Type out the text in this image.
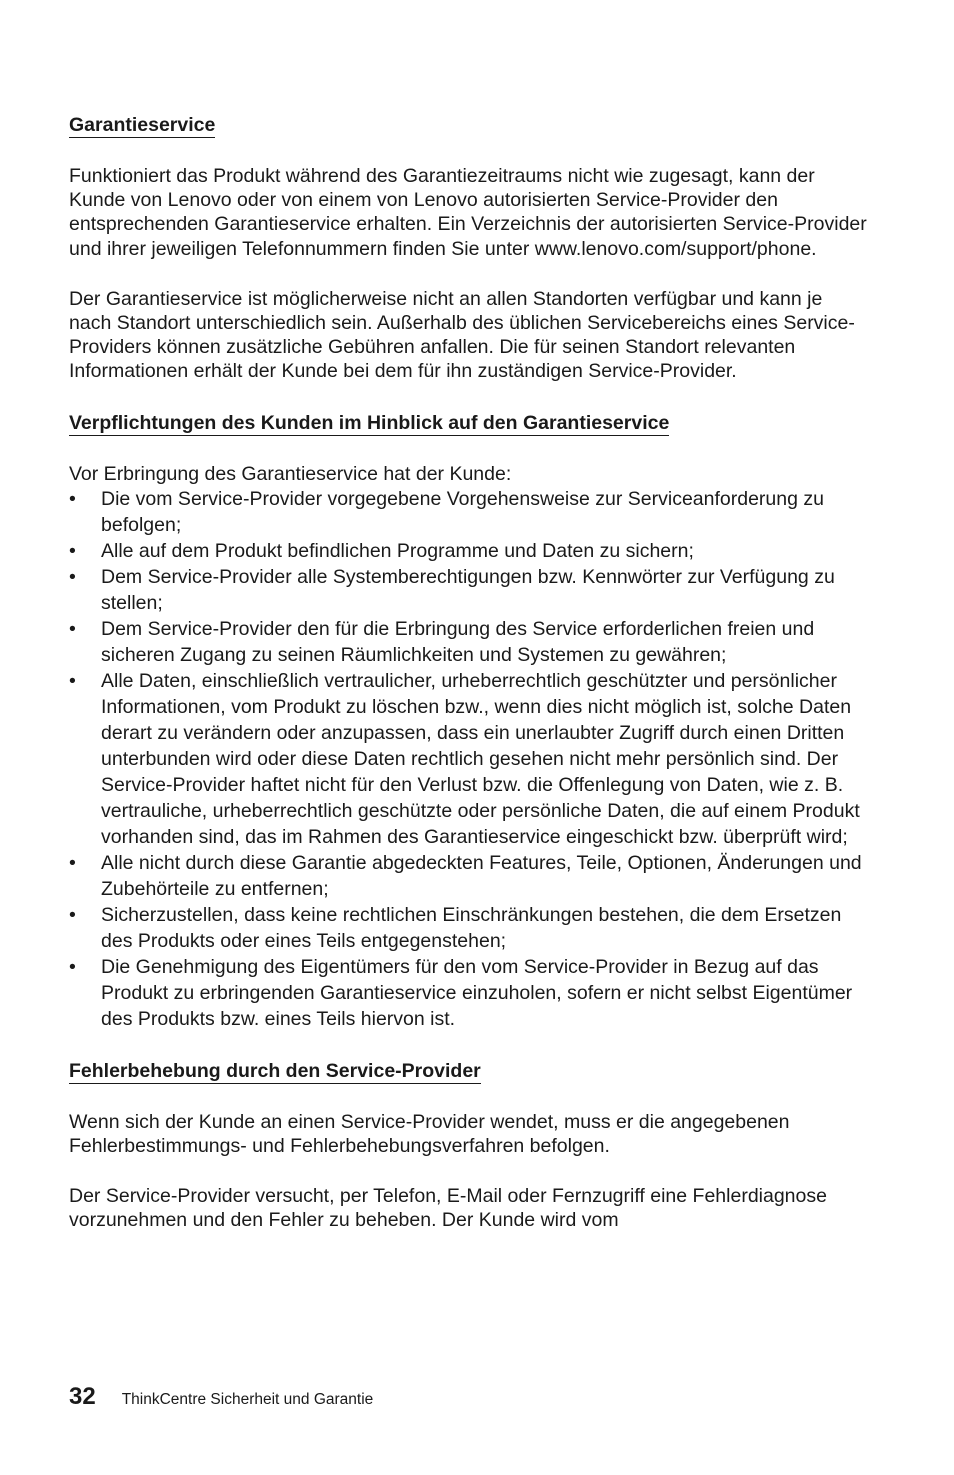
Garantieservice

Funktioniert das Produkt während des Garantiezeitraums nicht wie zugesagt, kann der Kunde von Lenovo oder von einem von Lenovo autorisierten Service-Provider den entsprechenden Garantieservice erhalten. Ein Verzeichnis der autorisierten Service-Provider und ihrer jeweiligen Telefonnummern finden Sie unter www.lenovo.com/support/phone.

Der Garantieservice ist möglicherweise nicht an allen Standorten verfügbar und kann je nach Standort unterschiedlich sein. Außerhalb des üblichen Servicebereichs eines Service-Providers können zusätzliche Gebühren anfallen. Die für seinen Standort relevanten Informationen erhält der Kunde bei dem für ihn zuständigen Service-Provider.

Verpflichtungen des Kunden im Hinblick auf den Garantieservice

Vor Erbringung des Garantieservice hat der Kunde:

• Die vom Service-Provider vorgegebene Vorgehensweise zur Serviceanforderung zu befolgen;
• Alle auf dem Produkt befindlichen Programme und Daten zu sichern;
• Dem Service-Provider alle Systemberechtigungen bzw. Kennwörter zur Verfügung zu stellen;
• Dem Service-Provider den für die Erbringung des Service erforderlichen freien und sicheren Zugang zu seinen Räumlichkeiten und Systemen zu gewähren;
• Alle Daten, einschließlich vertraulicher, urheberrechtlich geschützter und persönlicher Informationen, vom Produkt zu löschen bzw., wenn dies nicht möglich ist, solche Daten derart zu verändern oder anzupassen, dass ein unerlaubter Zugriff durch einen Dritten unterbunden wird oder diese Daten rechtlich gesehen nicht mehr persönlich sind. Der Service-Provider haftet nicht für den Verlust bzw. die Offenlegung von Daten, wie z. B. vertrauliche, urheberrechtlich geschützte oder persönliche Daten, die auf einem Produkt vorhanden sind, das im Rahmen des Garantieservice eingeschickt bzw. überprüft wird;
• Alle nicht durch diese Garantie abgedeckten Features, Teile, Optionen, Änderungen und Zubehörteile zu entfernen;
• Sicherzustellen, dass keine rechtlichen Einschränkungen bestehen, die dem Ersetzen des Produkts oder eines Teils entgegenstehen;
• Die Genehmigung des Eigentümers für den vom Service-Provider in Bezug auf das Produkt zu erbringenden Garantieservice einzuholen, sofern er nicht selbst Eigentümer des Produkts bzw. eines Teils hiervon ist.
Fehlerbehebung durch den Service-Provider

Wenn sich der Kunde an einen Service-Provider wendet, muss er die angegebenen Fehlerbestimmungs- und Fehlerbehebungsverfahren befolgen.

Der Service-Provider versucht, per Telefon, E-Mail oder Fernzugriff eine Fehlerdiagnose vorzunehmen und den Fehler zu beheben. Der Kunde wird vom

32 ThinkCentre Sicherheit und Garantie
